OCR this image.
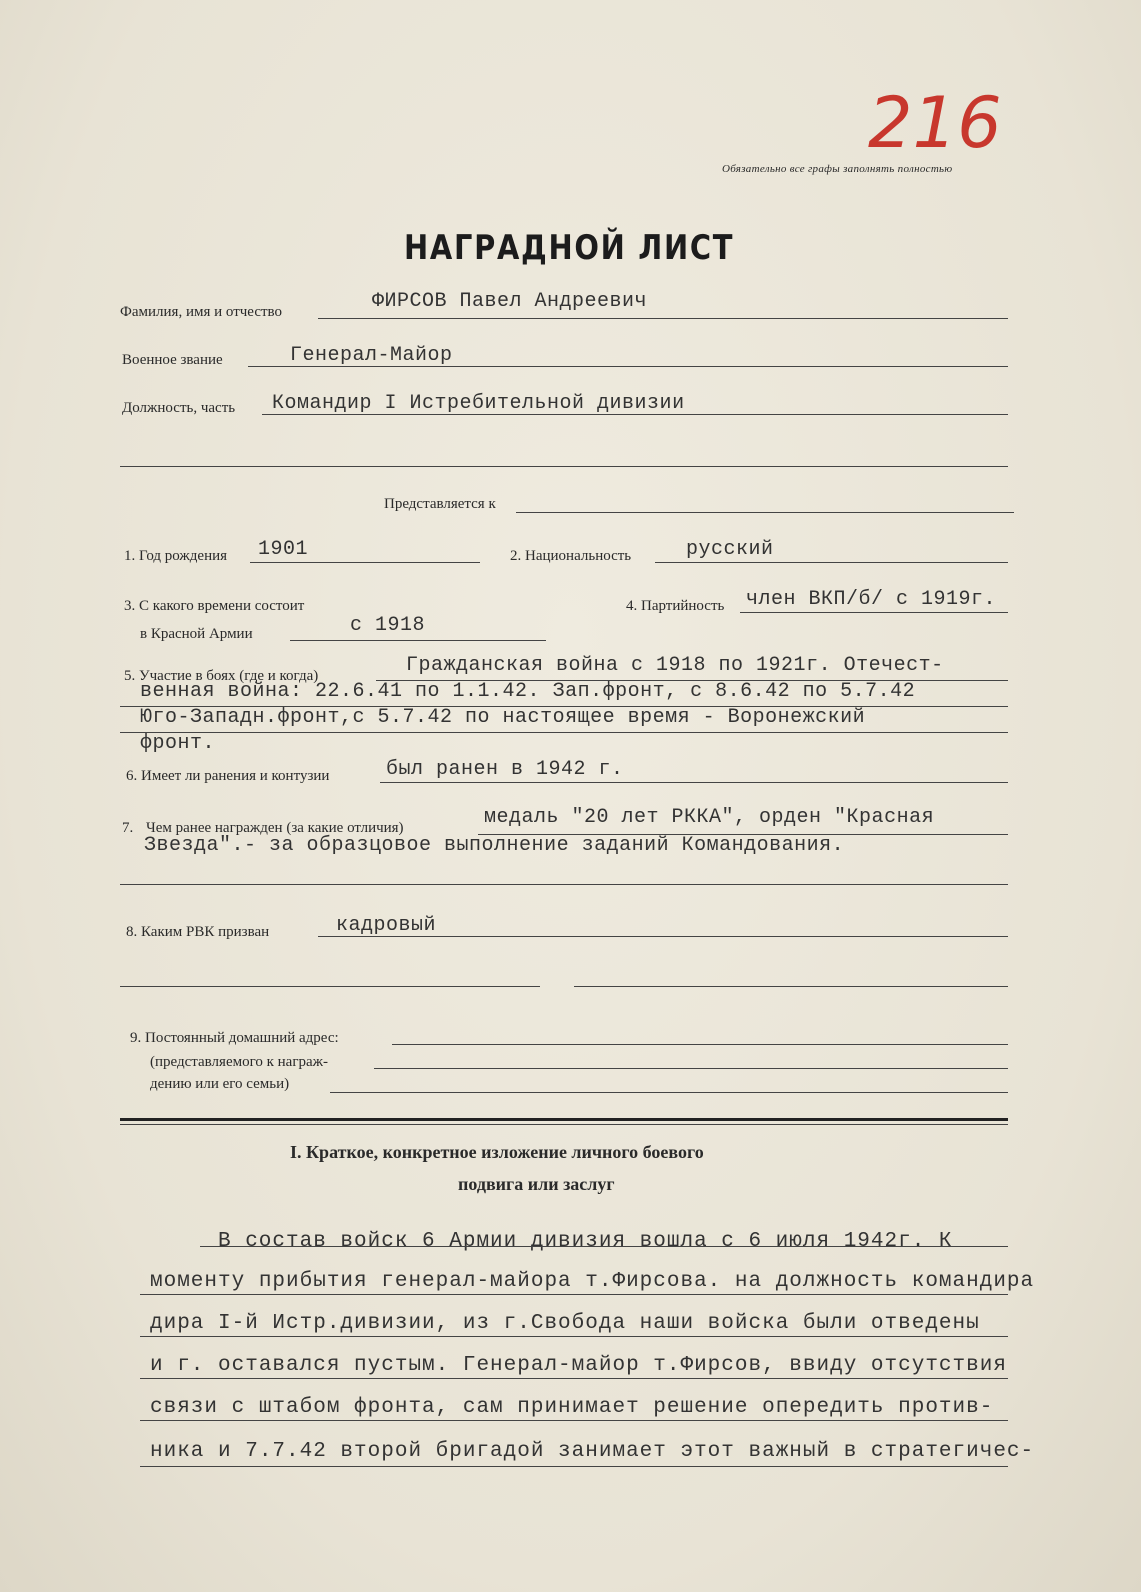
216
Обязательно все графы заполнять полностью
НАГРАДНОЙ ЛИСТ
Фамилия, имя и отчество	ФИРСОВ Павел Андреевич
Военное звание	Генерал-Майор
Должность, часть Командир I Истребительной дивизии
Представляется к
1. Год рождения 1901	2. Национальность	русский
3. С какого времени состоит
в Красной Армии	с 1918
4. Партийность член ВКП/б/ с 1919г.
5. Участие в боях (где и когда)	Гражданская война с 1918 по 1921г. Отечест-
венная война: 22.6.41 по 1.1.42. Зап.фронт, с 8.6.42 по 5.7.42
Юго-Западн.фронт,с 5.7.42 по настоящее время - Воронежский
фронт.
6. Имеет ли ранения и контузии	был ранен в 1942 г.
7. Чем ранее награжден (за какие отличия)	медаль "20 лет РККА", орден "Красная
Звезда".- за образцовое выполнение заданий Командования.
8. Каким РВК призван	кадровый
9. Постоянный домашний адрес:
(представляемого к награж-
дению или его семьи)
I. Краткое, конкретное изложение личного боевого
подвига или заслуг
В состав войск 6 Армии дивизия вошла с 6 июля 1942г. К
моменту прибытия генерал-майора т.Фирсова. на должность командира
дира I-й Истр.дивизии, из г.Свобода наши войска были отведены
и г. оставался пустым. Генерал-майор т.Фирсов, ввиду отсутствия
связи с штабом фронта, сам принимает решение опередить против-
ника и 7.7.42 второй бригадой занимает этот важный в стратегичес-
